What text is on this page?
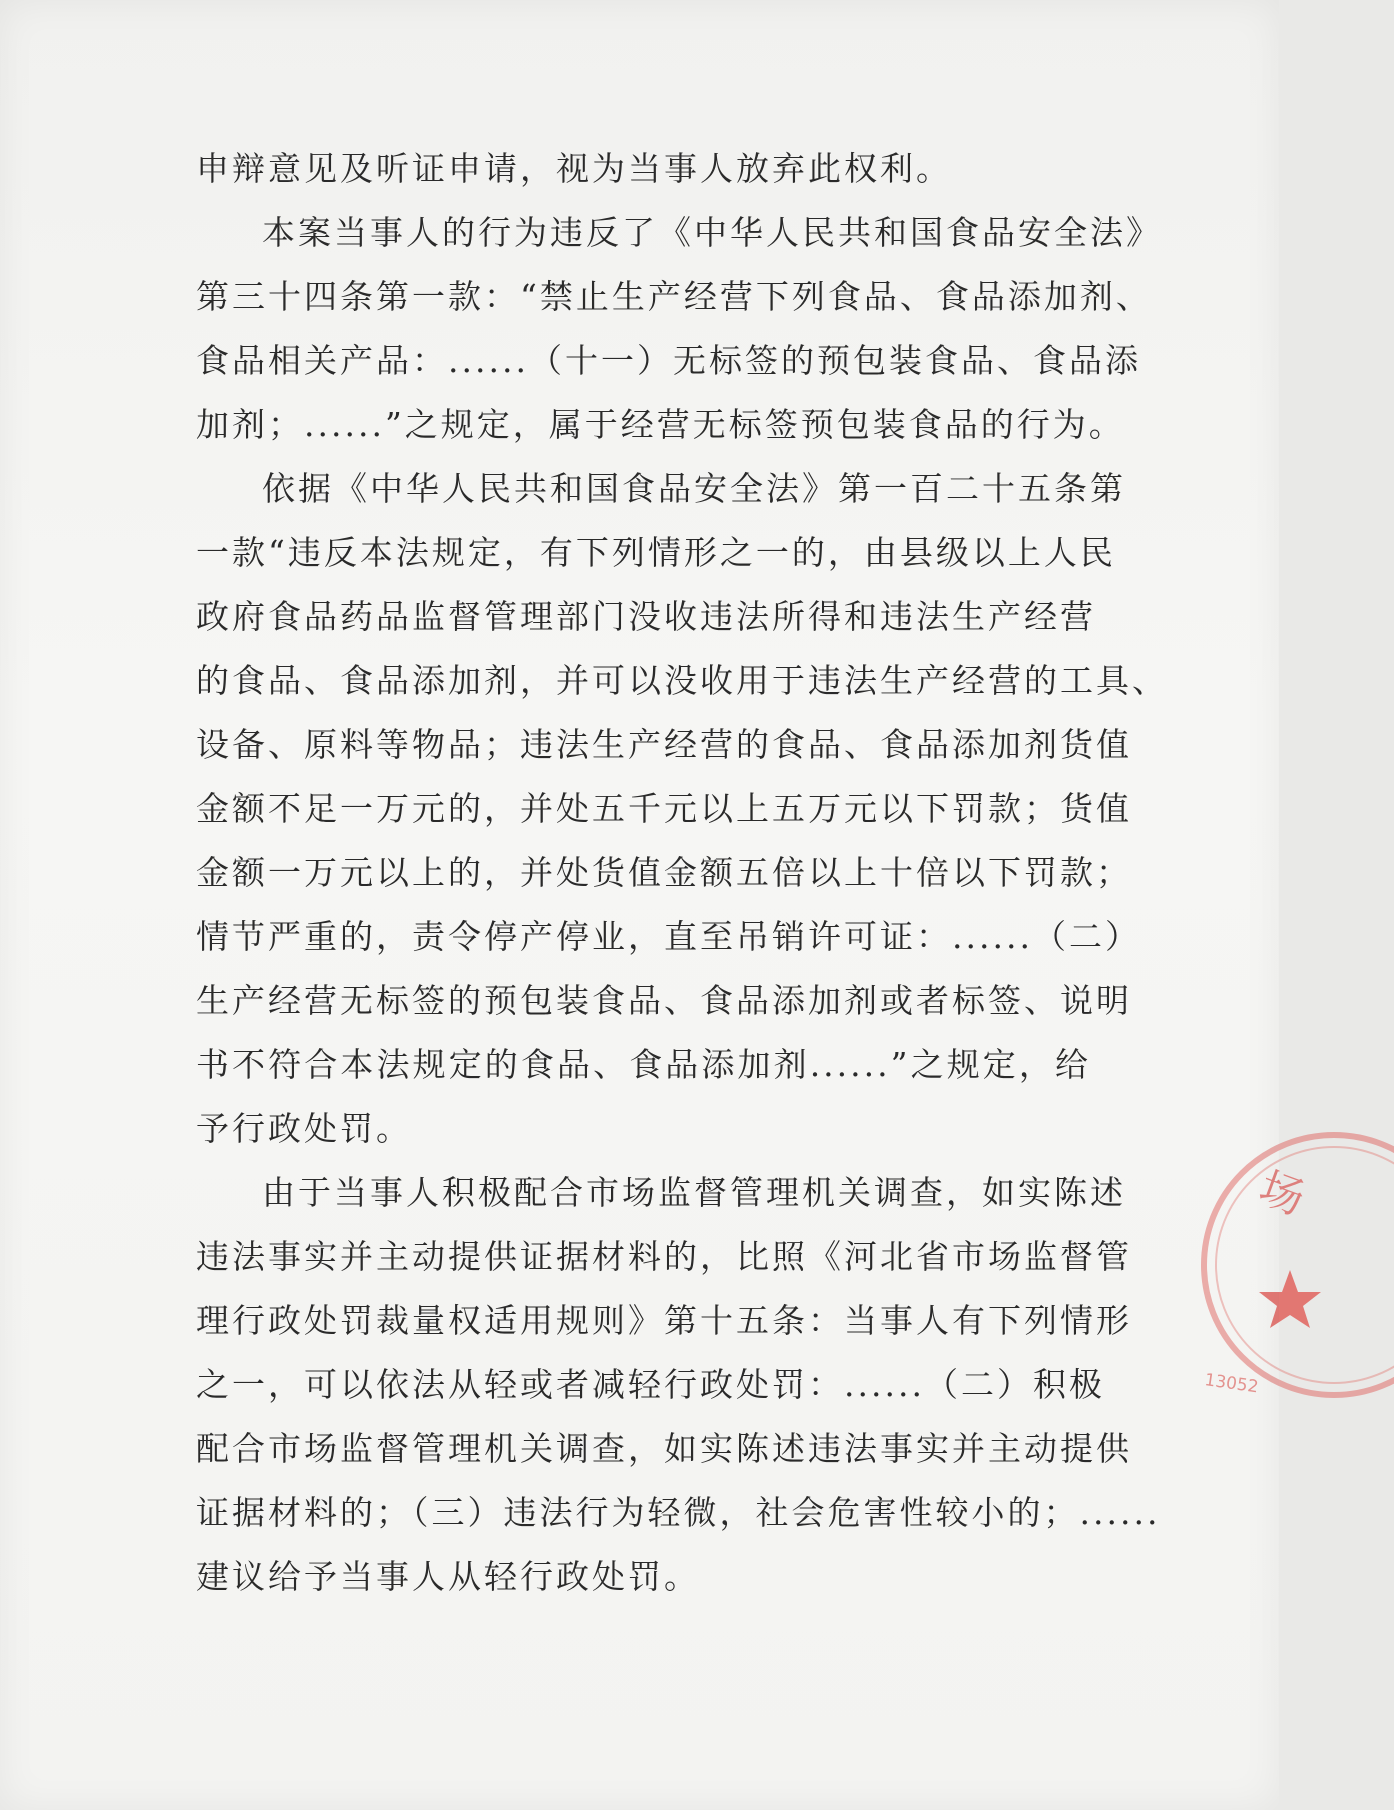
申辩意见及听证申请，视为当事人放弃此权利。
本案当事人的行为违反了《中华人民共和国食品安全法》
第三十四条第一款：“禁止生产经营下列食品、食品添加剂、
食品相关产品：......（十一）无标签的预包装食品、食品添
加剂；......”之规定，属于经营无标签预包装食品的行为。
依据《中华人民共和国食品安全法》第一百二十五条第
一款“违反本法规定，有下列情形之一的，由县级以上人民
政府食品药品监督管理部门没收违法所得和违法生产经营
的食品、食品添加剂，并可以没收用于违法生产经营的工具、
设备、原料等物品；违法生产经营的食品、食品添加剂货值
金额不足一万元的，并处五千元以上五万元以下罚款；货值
金额一万元以上的，并处货值金额五倍以上十倍以下罚款；
情节严重的，责令停产停业，直至吊销许可证：......（二）
生产经营无标签的预包装食品、食品添加剂或者标签、说明
书不符合本法规定的食品、食品添加剂......”之规定，给
予行政处罚。
由于当事人积极配合市场监督管理机关调查，如实陈述
违法事实并主动提供证据材料的，比照《河北省市场监督管
理行政处罚裁量权适用规则》第十五条：当事人有下列情形
之一，可以依法从轻或者减轻行政处罚：......（二）积极
配合市场监督管理机关调查，如实陈述违法事实并主动提供
证据材料的；（三）违法行为轻微，社会危害性较小的；......
建议给予当事人从轻行政处罚。
场
13052
